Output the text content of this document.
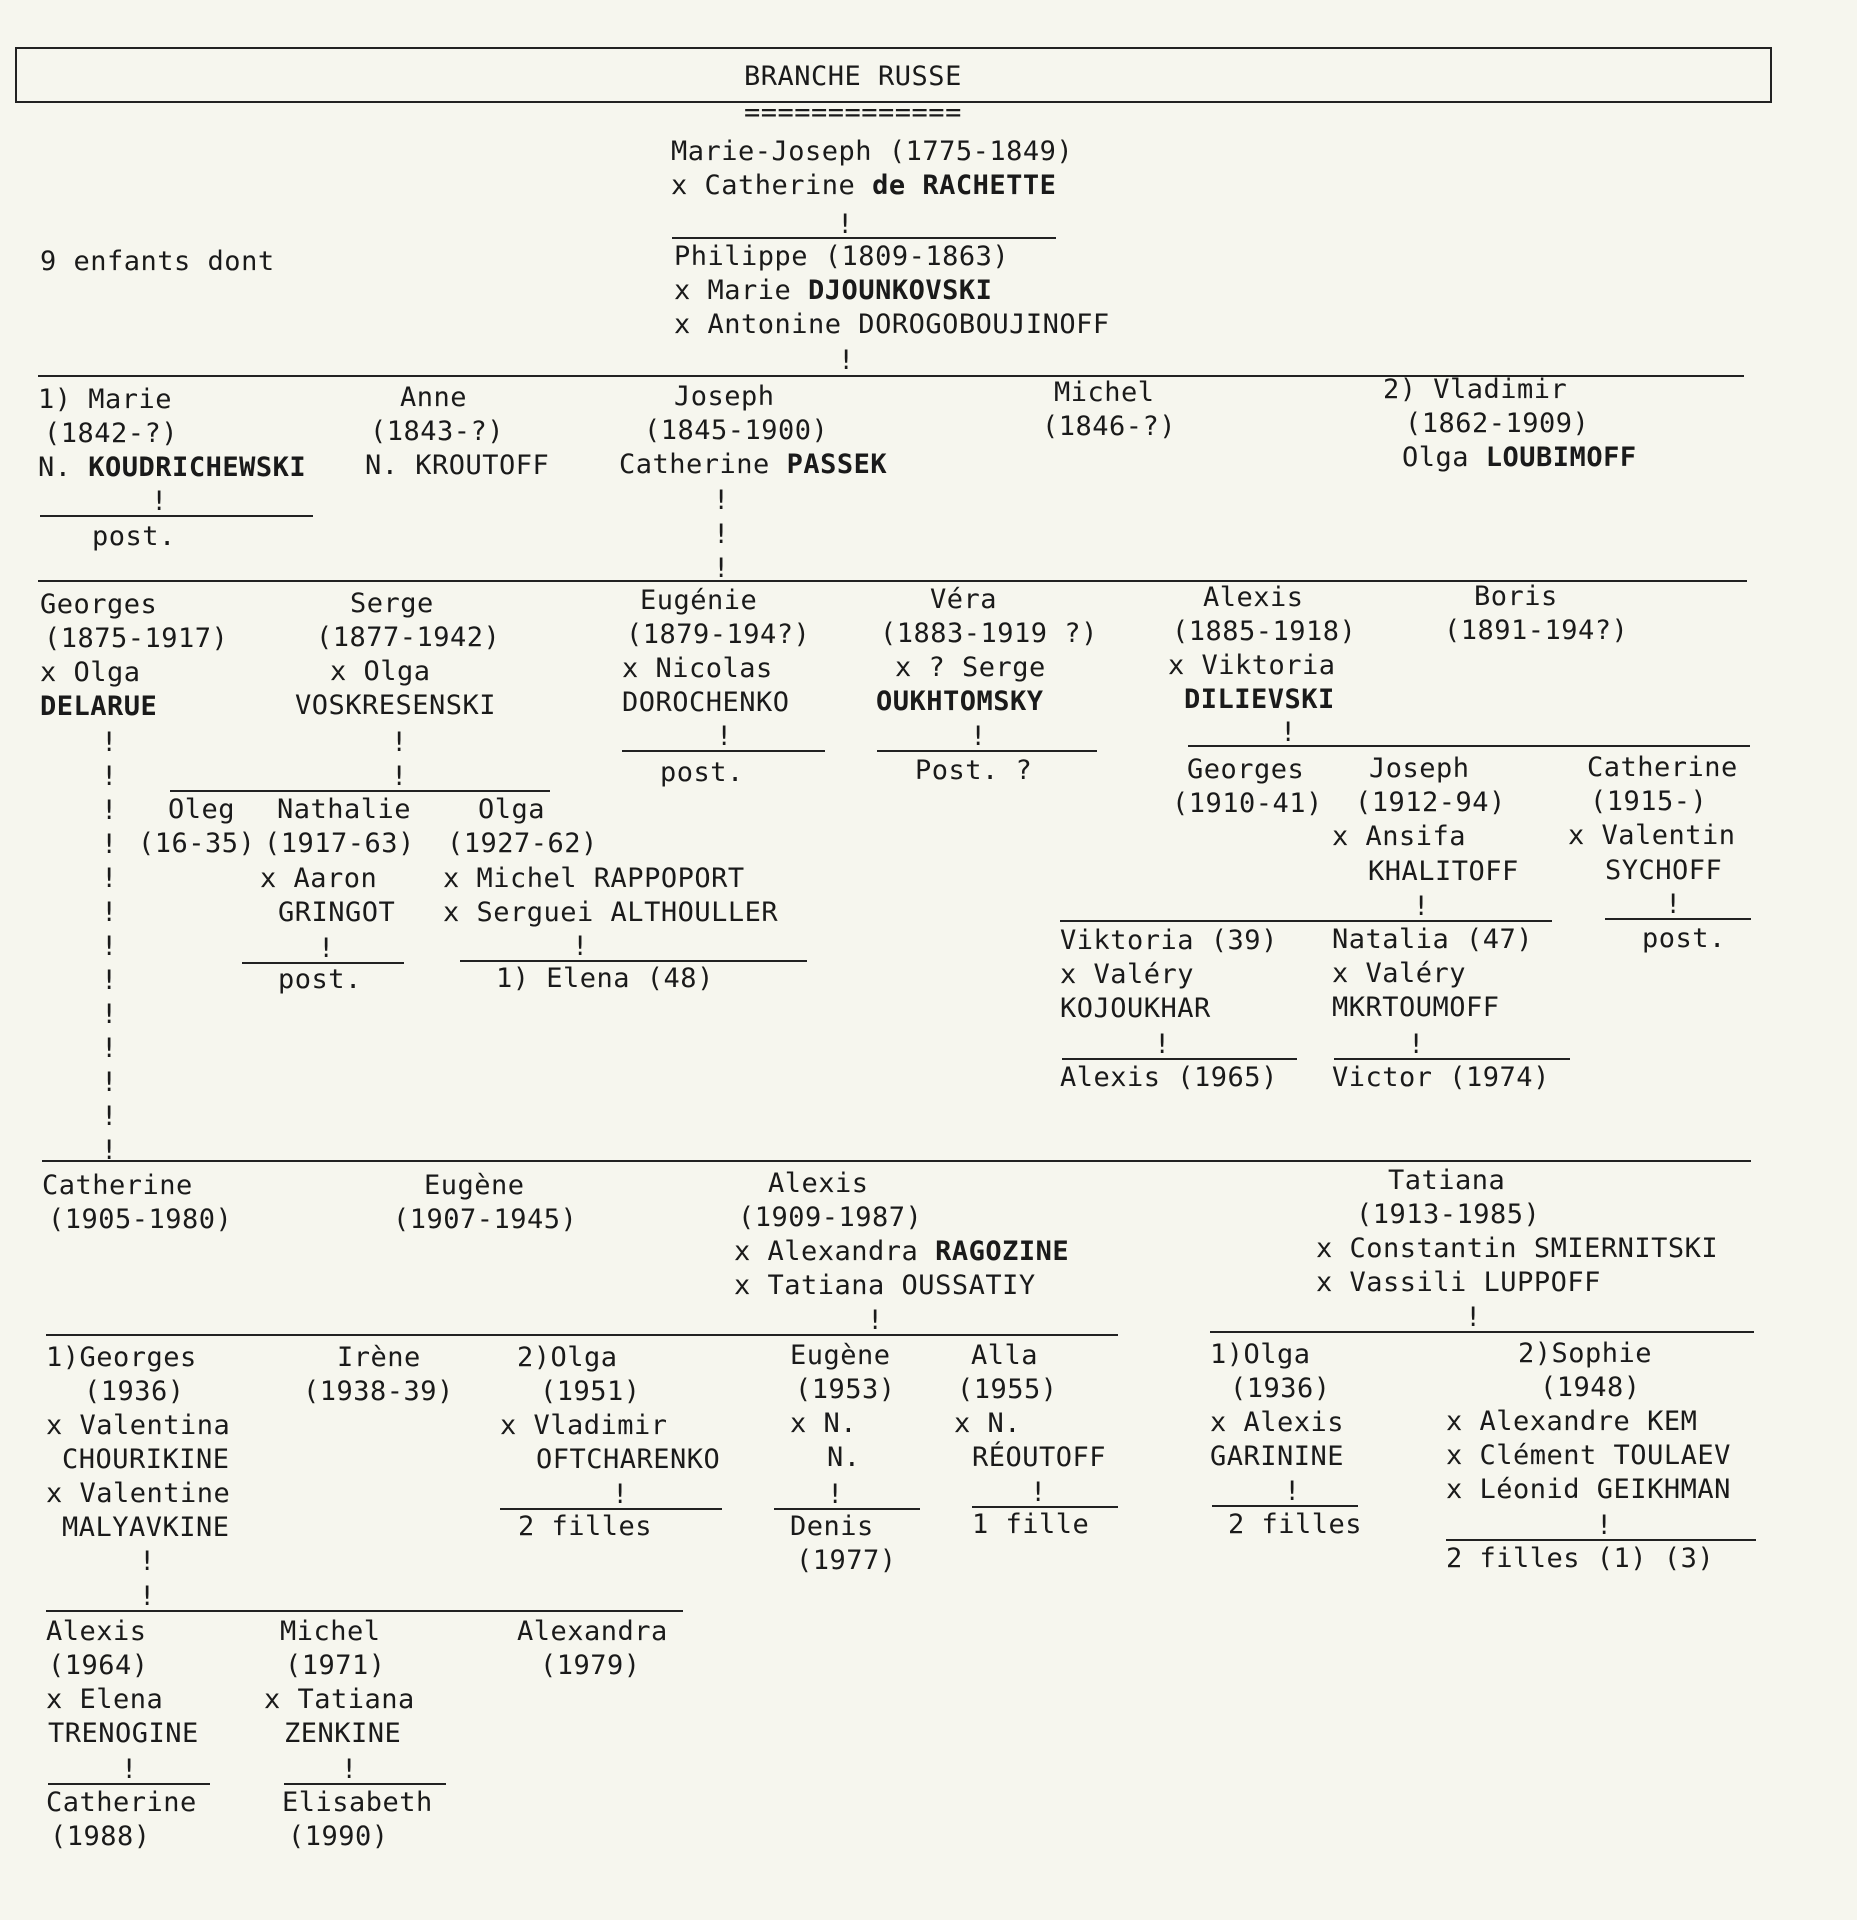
BRANCHE RUSSE
=============
Marie-Joseph (1775-1849)
x Catherine de RACHETTE
!
9 enfants dont	Philippe (1809-1863)
x Marie DJOUNKOVSKI
x Antonine DOROGOBOUJINOFF
!
1) Marie
(1842-?)
N. KOUDRICHEWSKI
!
post.
Anne
(1843-?)
N. KROUTOFF
Joseph
(1845-1900)
Catherine PASSEK
!
!
!
Michel
(1846-?)
2) Vladimir
(1862-1909)
Olga LOUBIMOFF
Georges
(1875-1917)
x Olga
DELARUE
Serge
(1877-1942)
x Olga
VOSKRESENSKI
Eugénie
(1879-194?)
x Nicolas
DOROCHENKO
!
post.
Véra
(1883-1919 ?)
x ? Serge
OUKHTOMSKY
!
Post. ?
Alexis
(1885-1918)
x Viktoria
DILIEVSKI
Boris
(1891-194?)
!
!
!
!
!
!
!
!
!
!
!
!
!
!
!
Oleg
(16-35)
Nathalie
(1917-63)
x Aaron
GRINGOT
!
post.
Olga
(1927-62)
x Michel RAPPOPORT
x Serguei ALTHOULLER
!
1) Elena (48)
!
Georges
(1910-41)
Joseph
(1912-94)
x Ansifa
KHALITOFF
Catherine
(1915-)
x Valentin
SYCHOFF
!
post.
!
Viktoria (39)
x Valéry
KOJOUKHAR
!
Alexis (1965)
Natalia (47)
x Valéry
MKRTOUMOFF
!
Victor (1974)
Catherine
(1905-1980)
Eugène
(1907-1945)
Alexis
(1909-1987)
x Alexandra RAGOZINE
x Tatiana OUSSATIY
Tatiana
(1913-1985)
x Constantin SMIERNITSKI
x Vassili LUPPOFF
!
1)Georges
(1936)
x Valentina
CHOURIKINE
x Valentine
MALYAVKINE
!
!
Irène
(1938-39)
2)Olga
(1951)
x Vladimir
OFTCHARENKO
!
2 filles
Eugène
(1953)
x N.
N.
!
Denis
(1977)
Alla
(1955)
x N.
RÉOUTOFF
!
1 fille
!
1)Olga
(1936)
x Alexis
GARININE
!
2 filles
2)Sophie
(1948)
x Alexandre KEM
x Clément TOULAEV
x Léonid GEIKHMAN
!
2 filles (1) (3)
Alexis
(1964)
x Elena
TRENOGINE
!
Catherine
(1988)
Michel
(1971)
x Tatiana
ZENKINE
!
Elisabeth
(1990)
Alexandra
(1979)
